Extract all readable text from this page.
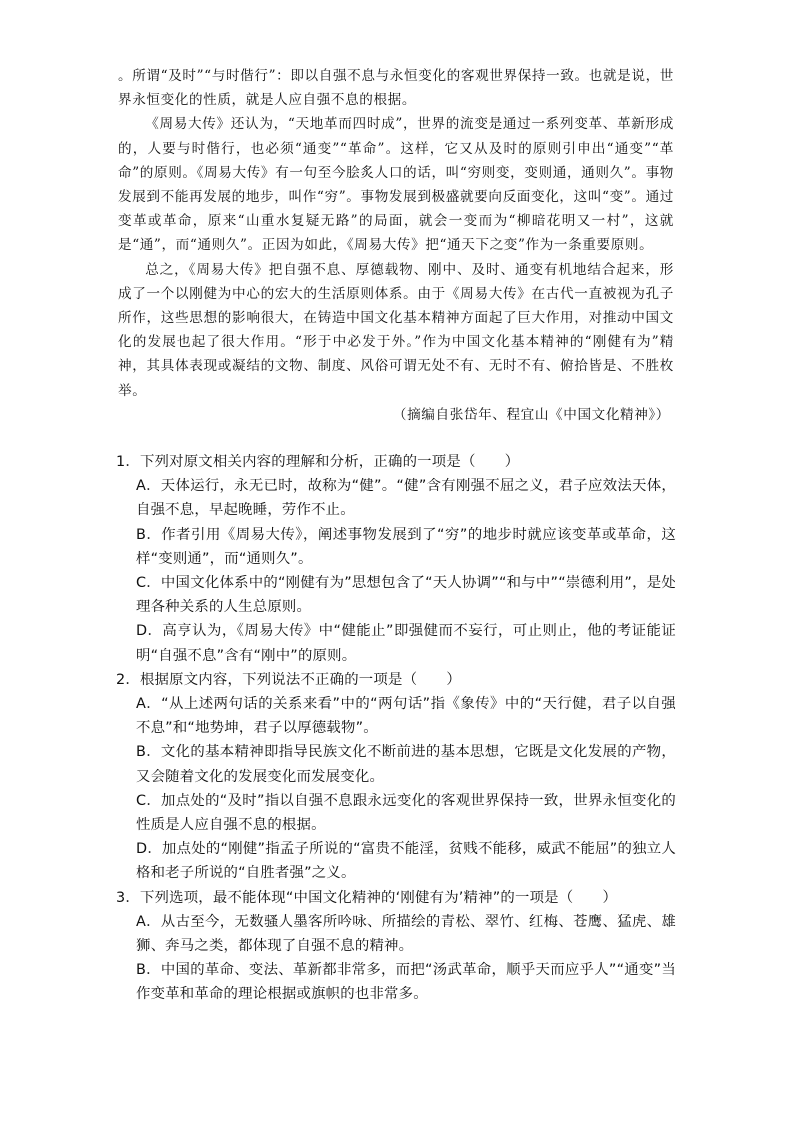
。所谓“及时”“与时偕行”：即以自强不息与永恒变化的客观世界保持一致。也就是说，世界永恒变化的性质，就是人应自强不息的根据。

《周易大传》还认为，“天地革而四时成”，世界的流变是通过一系列变革、革新形成的，人要与时偕行，也必须“通变”“革命”。这样，它又从及时的原则引申出“通变”“革命”的原则。《周易大传》有一句至今脍炙人口的话，叫“穷则变，变则通，通则久”。事物发展到不能再发展的地步，叫作“穷”。事物发展到极盛就要向反面变化，这叫“变”。通过变革或革命，原来“山重水复疑无路”的局面，就会一变而为“柳暗花明又一村”，这就是“通”，而“通则久”。正因为如此，《周易大传》把“通天下之变”作为一条重要原则。

总之，《周易大传》把自强不息、厚德载物、刚中、及时、通变有机地结合起来，形成了一个以刚健为中心的宏大的生活原则体系。由于《周易大传》在古代一直被视为孔子所作，这些思想的影响很大，在铸造中国文化基本精神方面起了巨大作用，对推动中国文化的发展也起了很大作用。“形于中必发于外。”作为中国文化基本精神的“刚健有为”精神，其具体表现或凝结的文物、制度、风俗可谓无处不有、无时不有、俯拾皆是、不胜枚举。

（摘编自张岱年、程宜山《中国文化精神》）

1．下列对原文相关内容的理解和分析，正确的一项是（　　）

A．天体运行，永无已时，故称为“健”。“健”含有刚强不屈之义，君子应效法天体，自强不息，早起晚睡，劳作不止。

B．作者引用《周易大传》，阐述事物发展到了“穷”的地步时就应该变革或革命，这样“变则通”，而“通则久”。

C．中国文化体系中的“刚健有为”思想包含了“天人协调”“和与中”“崇德利用”，是处理各种关系的人生总原则。

D．高亨认为，《周易大传》中“健能止”即强健而不妄行，可止则止，他的考证能证明“自强不息”含有“刚中”的原则。

2．根据原文内容，下列说法不正确的一项是（　　）

A．“从上述两句话的关系来看”中的“两句话”指《象传》中的“天行健，君子以自强不息”和“地势坤，君子以厚德载物”。

B．文化的基本精神即指导民族文化不断前进的基本思想，它既是文化发展的产物，又会随着文化的发展变化而发展变化。

C．加点处的“及时”指以自强不息跟永远变化的客观世界保持一致，世界永恒变化的性质是人应自强不息的根据。

D．加点处的“刚健”指孟子所说的“富贵不能淫，贫贱不能移，威武不能屈”的独立人格和老子所说的“自胜者强”之义。

3．下列选项，最不能体现“中国文化精神的‘刚健有为’精神”的一项是（　　）

A．从古至今，无数骚人墨客所吟咏、所描绘的青松、翠竹、红梅、苍鹰、猛虎、雄狮、奔马之类，都体现了自强不息的精神。

B．中国的革命、变法、革新都非常多，而把“汤武革命，顺乎天而应乎人”“通变”当作变革和革命的理论根据或旗帜的也非常多。
